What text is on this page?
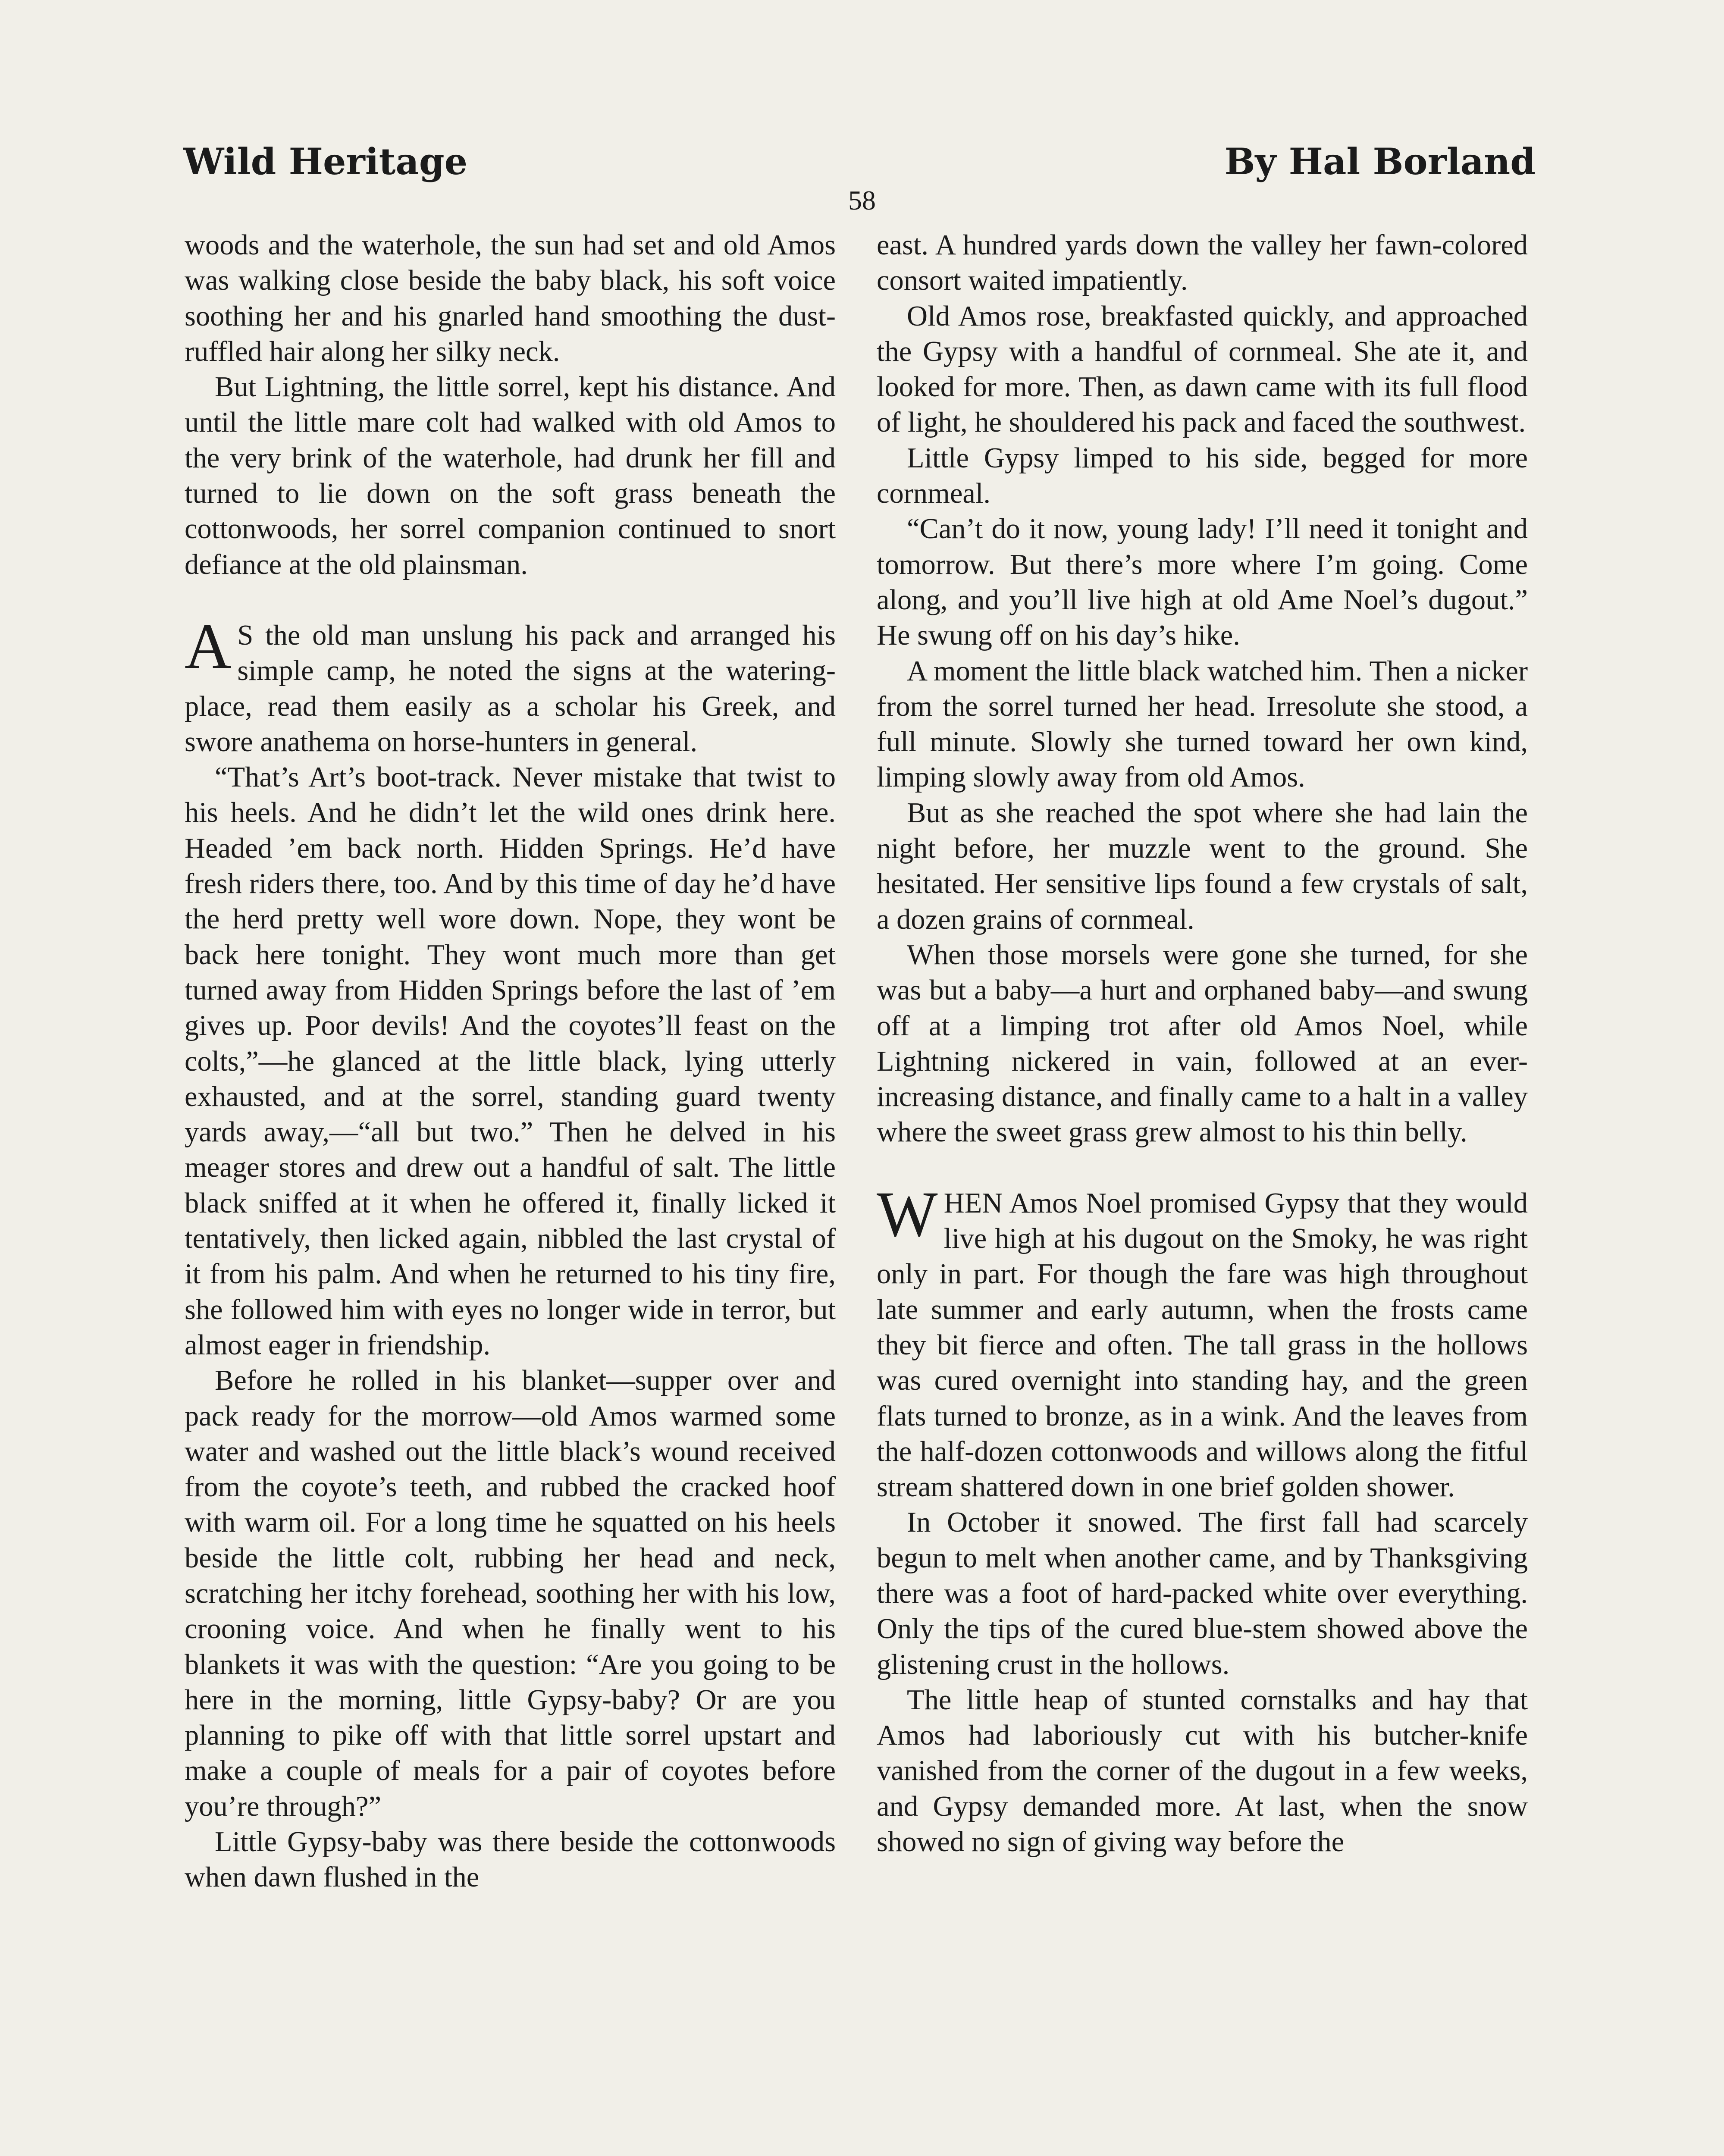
Wild Heritage	By Hal Borland
58

woods and the waterhole, the sun had set and old Amos was walking close beside the baby black, his soft voice soothing her and his gnarled hand smoothing the dust-ruffled hair along her silky neck.

But Lightning, the little sorrel, kept his distance. And until the little mare colt had walked with old Amos to the very brink of the waterhole, had drunk her fill and turned to lie down on the soft grass beneath the cottonwoods, her sorrel companion continued to snort defiance at the old plainsman.

A S the old man unslung his pack and arranged his simple camp, he noted the signs at the watering-place, read them easily as a scholar his Greek, and swore anathema on horse-hunters in general.

“That’s Art’s boot-track. Never mistake that twist to his heels. And he didn’t let the wild ones drink here. Headed ’em back north. Hidden Springs. He’d have fresh riders there, too. And by this time of day he’d have the herd pretty well wore down. Nope, they wont be back here tonight. They wont much more than get turned away from Hidden Springs before the last of ’em gives up. Poor devils! And the coyotes’ll feast on the colts,”—he glanced at the little black, lying utterly exhausted, and at the sorrel, standing guard twenty yards away,—“all but two.” Then he delved in his meager stores and drew out a handful of salt. The little black sniffed at it when he offered it, finally licked it tentatively, then licked again, nibbled the last crystal of it from his palm. And when he returned to his tiny fire, she followed him with eyes no longer wide in terror, but almost eager in friendship.

Before he rolled in his blanket—supper over and pack ready for the morrow—old Amos warmed some water and washed out the little black’s wound received from the coyote’s teeth, and rubbed the cracked hoof with warm oil. For a long time he squatted on his heels beside the little colt, rubbing her head and neck, scratching her itchy forehead, soothing her with his low, crooning voice. And when he finally went to his blankets it was with the question: “Are you going to be here in the morning, little Gypsy-baby? Or are you planning to pike off with that little sorrel upstart and make a couple of meals for a pair of coyotes before you’re through?”

Little Gypsy-baby was there beside the cottonwoods when dawn flushed in the

east. A hundred yards down the valley her fawn-colored consort waited impatiently.

Old Amos rose, breakfasted quickly, and approached the Gypsy with a handful of cornmeal. She ate it, and looked for more. Then, as dawn came with its full flood of light, he shouldered his pack and faced the southwest.

Little Gypsy limped to his side, begged for more cornmeal.

“Can’t do it now, young lady! I’ll need it tonight and tomorrow. But there’s more where I’m going. Come along, and you’ll live high at old Ame Noel’s dugout.” He swung off on his day’s hike.

A moment the little black watched him. Then a nicker from the sorrel turned her head. Irresolute she stood, a full minute. Slowly she turned toward her own kind, limping slowly away from old Amos.

But as she reached the spot where she had lain the night before, her muzzle went to the ground. She hesitated. Her sensitive lips found a few crystals of salt, a dozen grains of cornmeal.

When those morsels were gone she turned, for she was but a baby—a hurt and orphaned baby—and swung off at a limping trot after old Amos Noel, while Lightning nickered in vain, followed at an ever-increasing distance, and finally came to a halt in a valley where the sweet grass grew almost to his thin belly.

WHEN Amos Noel promised Gypsy that they would live high at his dugout on the Smoky, he was right only in part. For though the fare was high throughout late summer and early autumn, when the frosts came they bit fierce and often. The tall grass in the hollows was cured overnight into standing hay, and the green flats turned to bronze, as in a wink. And the leaves from the half-dozen cottonwoods and willows along the fitful stream shattered down in one brief golden shower.

In October it snowed. The first fall had scarcely begun to melt when another came, and by Thanksgiving there was a foot of hard-packed white over everything. Only the tips of the cured blue-stem showed above the glistening crust in the hollows.

The little heap of stunted cornstalks and hay that Amos had laboriously cut with his butcher-knife vanished from the corner of the dugout in a few weeks, and Gypsy demanded more. At last, when the snow showed no sign of giving way before the
